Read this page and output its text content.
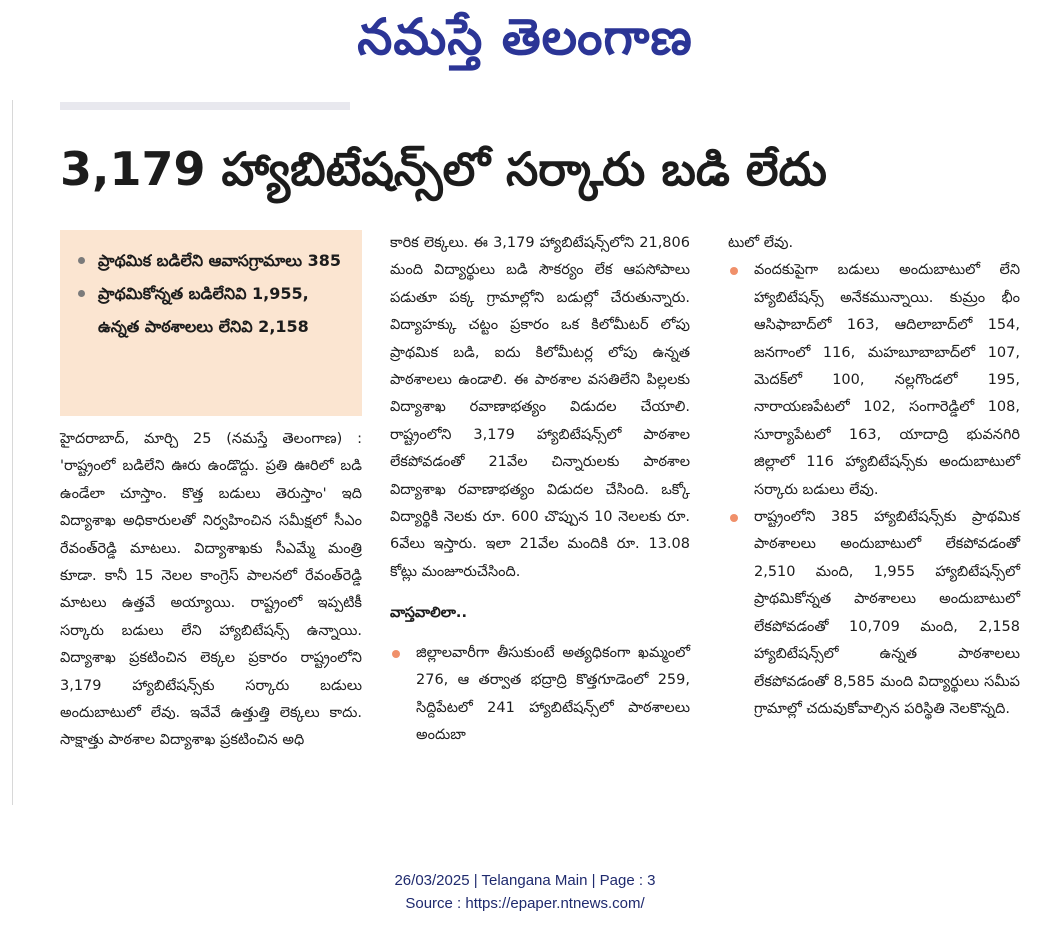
నమస్తే తెలంగాణ
3,179 హ్యాబిటేషన్స్‌లో సర్కారు బడి లేదు
ప్రాథమిక బడిలేని ఆవాసగ్రామాలు 385
ప్రాథమికోన్నత బడిలేనివి 1,955, ఉన్నత పాఠశాలలు లేనివి 2,158

హైదరాబాద్, మార్చి 25 (నమస్తే తెలంగాణ) : 'రాష్ట్రంలో బడిలేని ఊరు ఉండొద్దు. ప్రతి ఊరిలో బడి ఉండేలా చూస్తాం. కొత్త బడులు తెరుస్తాం' ఇది విద్యాశాఖ అధికారులతో నిర్వహించిన సమీక్షలో సీఎం రేవంత్‌రెడ్డి మాటలు. విద్యాశాఖకు సీఎమ్మే మంత్రి కూడా. కానీ 15 నెలల కాంగ్రెస్ పాలనలో రేవంత్‌రెడ్డి మాటలు ఉత్తవే అయ్యాయి. రాష్ట్రంలో ఇప్పటికీ సర్కారు బడులు లేని హ్యాబిటేషన్స్ ఉన్నాయి. విద్యాశాఖ ప్రకటించిన లెక్కల ప్రకారం రాష్ట్రంలోని 3,179 హ్యాబిటేషన్స్‌కు సర్కారు బడులు అందుబాటులో లేవు. ఇవేవే ఉత్తుత్తి లెక్కలు కాదు. సాక్షాత్తు పాఠశాల విద్యాశాఖ ప్రకటించిన అధి

కారిక లెక్కలు. ఈ 3,179 హ్యాబిటేషన్స్‌లోని 21,806 మంది విద్యార్థులు బడి సౌకర్యం లేక ఆపసోపాలు పడుతూ పక్క గ్రామాల్లోని బడుల్లో చేరుతున్నారు. విద్యాహక్కు చట్టం ప్రకారం ఒక కిలోమీటర్ లోపు ప్రాథమిక బడి, ఐదు కిలోమీటర్ల లోపు ఉన్నత పాఠశాలలు ఉండాలి. ఈ పాఠశాల వసతిలేని పిల్లలకు విద్యాశాఖ రవాణాభత్యం విడుదల చేయాలి. రాష్ట్రంలోని 3,179 హ్యాబిటేషన్స్‌లో పాఠశాల లేకపోవడంతో 21వేల చిన్నారులకు పాఠశాల విద్యాశాఖ రవాణాభత్యం విడుదల చేసింది. ఒక్కో విద్యార్థికి నెలకు రూ. 600 చొప్పున 10 నెలలకు రూ. 6వేలు ఇస్తారు. ఇలా 21వేల మందికి రూ. 13.08 కోట్లు మంజూరుచేసింది.

వాస్తవాలిలా..

జిల్లాలవారీగా తీసుకుంటే అత్యధికంగా ఖమ్మంలో 276, ఆ తర్వాత భద్రాద్రి కొత్తగూడెంలో 259, సిద్దిపేటలో 241 హ్యాబిటేషన్స్‌లో పాఠశాలలు అందుబా

టులో లేవు.

వందకుపైగా బడులు అందుబాటులో లేని హ్యాబిటేషన్స్ అనేకమున్నాయి. కుమ్రం భీం ఆసిఫాబాద్‌లో 163, ఆదిలాబాద్‌లో 154, జనగాంలో 116, మహబూబాబాద్‌లో 107, మెదక్‌లో 100, నల్లగొండలో 195, నారాయణపేటలో 102, సంగారెడ్డిలో 108, సూర్యాపేటలో 163, యాదాద్రి భువనగిరి జిల్లాలో 116 హ్యాబిటేషన్స్‌కు అందుబాటులో సర్కారు బడులు లేవు.

రాష్ట్రంలోని 385 హ్యాబిటేషన్స్‌కు ప్రాథమిక పాఠశాలలు అందుబాటులో లేకపోవడంతో 2,510 మంది, 1,955 హ్యాబిటేషన్స్‌లో ప్రాథమికోన్నత పాఠశాలలు అందుబాటులో లేకపోవడంతో 10,709 మంది, 2,158 హ్యాబిటేషన్స్‌లో ఉన్నత పాఠశాలలు లేకపోవడంతో 8,585 మంది విద్యార్థులు సమీప గ్రామాల్లో చదువుకోవాల్సిన పరిస్థితి నెలకొన్నది.

26/03/2025 | Telangana Main | Page : 3
Source : https://epaper.ntnews.com/
